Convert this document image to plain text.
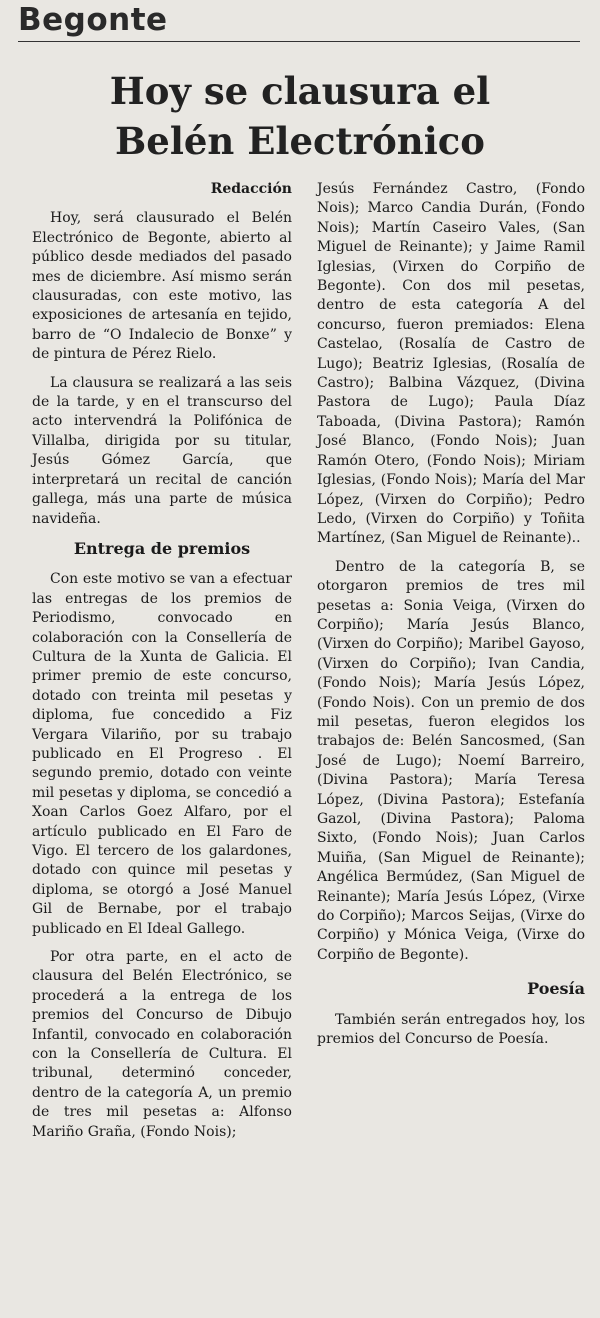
Begonte
Hoy se clausura el
Belén Electrónico
Redacción

Hoy, será clausurado el Belén Electrónico de Begonte, abierto al público desde mediados del pasado mes de diciembre. Así mismo serán clausuradas, con este motivo, las exposiciones de artesanía en tejido, barro de “O Indalecio de Bonxe” y de pintura de Pérez Rielo.

La clausura se realizará a las seis de la tarde, y en el transcurso del acto intervendrá la Polifónica de Villalba, dirigida por su titular, Jesús Gómez García, que interpretará un recital de canción gallega, más una parte de música navideña.

Entrega de premios

Con este motivo se van a efectuar las entregas de los premios de Periodismo, convocado en colaboración con la Consellería de Cultura de la Xunta de Galicia. El primer premio de este concurso, dotado con treinta mil pesetas y diploma, fue concedido a Fiz Vergara Vilariño, por su trabajo publicado en El Progreso . El segundo premio, dotado con veinte mil pesetas y diploma, se concedió a Xoan Carlos Goez Alfaro, por el artículo publicado en El Faro de Vigo. El tercero de los galardones, dotado con quince mil pesetas y diploma, se otorgó a José Manuel Gil de Bernabe, por el trabajo publicado en El Ideal Gallego.

Por otra parte, en el acto de clausura del Belén Electrónico, se procederá a la entrega de los premios del Concurso de Dibujo Infantil, convocado en colaboración con la Consellería de Cultura. El tribunal, determinó conceder, dentro de la categoría A, un premio de tres mil pesetas a: Alfonso Mariño Graña, (Fondo Nois);

Jesús Fernández Castro, (Fondo Nois); Marco Candia Durán, (Fondo Nois); Martín Caseiro Vales, (San Miguel de Reinante); y Jaime Ramil Iglesias, (Virxen do Corpiño de Begonte). Con dos mil pesetas, dentro de esta categoría A del concurso, fueron premiados: Elena Castelao, (Rosalía de Castro de Lugo); Beatriz Iglesias, (Rosalía de Castro); Balbina Vázquez, (Divina Pastora de Lugo); Paula Díaz Taboada, (Divina Pastora); Ramón José Blanco, (Fondo Nois); Juan Ramón Otero, (Fondo Nois); Miriam Iglesias, (Fondo Nois); María del Mar López, (Virxen do Corpiño); Pedro Ledo, (Virxen do Corpiño) y Toñita Martínez, (San Miguel de Reinante)..

Dentro de la categoría B, se otorgaron premios de tres mil pesetas a: Sonia Veiga, (Virxen do Corpiño); María Jesús Blanco, (Virxen do Corpiño); Maribel Gayoso, (Virxen do Corpiño); Ivan Candia, (Fondo Nois); María Jesús López, (Fondo Nois). Con un premio de dos mil pesetas, fueron elegidos los trabajos de: Belén Sancosmed, (San José de Lugo); Noemí Barreiro, (Divina Pastora); María Teresa López, (Divina Pastora); Estefanía Gazol, (Divina Pastora); Paloma Sixto, (Fondo Nois); Juan Carlos Muiña, (San Miguel de Reinante); Angélica Bermúdez, (San Miguel de Reinante); María Jesús López, (Virxe do Corpiño); Marcos Seijas, (Virxe do Corpiño) y Mónica Veiga, (Virxe do Corpiño de Begonte).

Poesía

También serán entregados hoy, los premios del Concurso de Poesía.
